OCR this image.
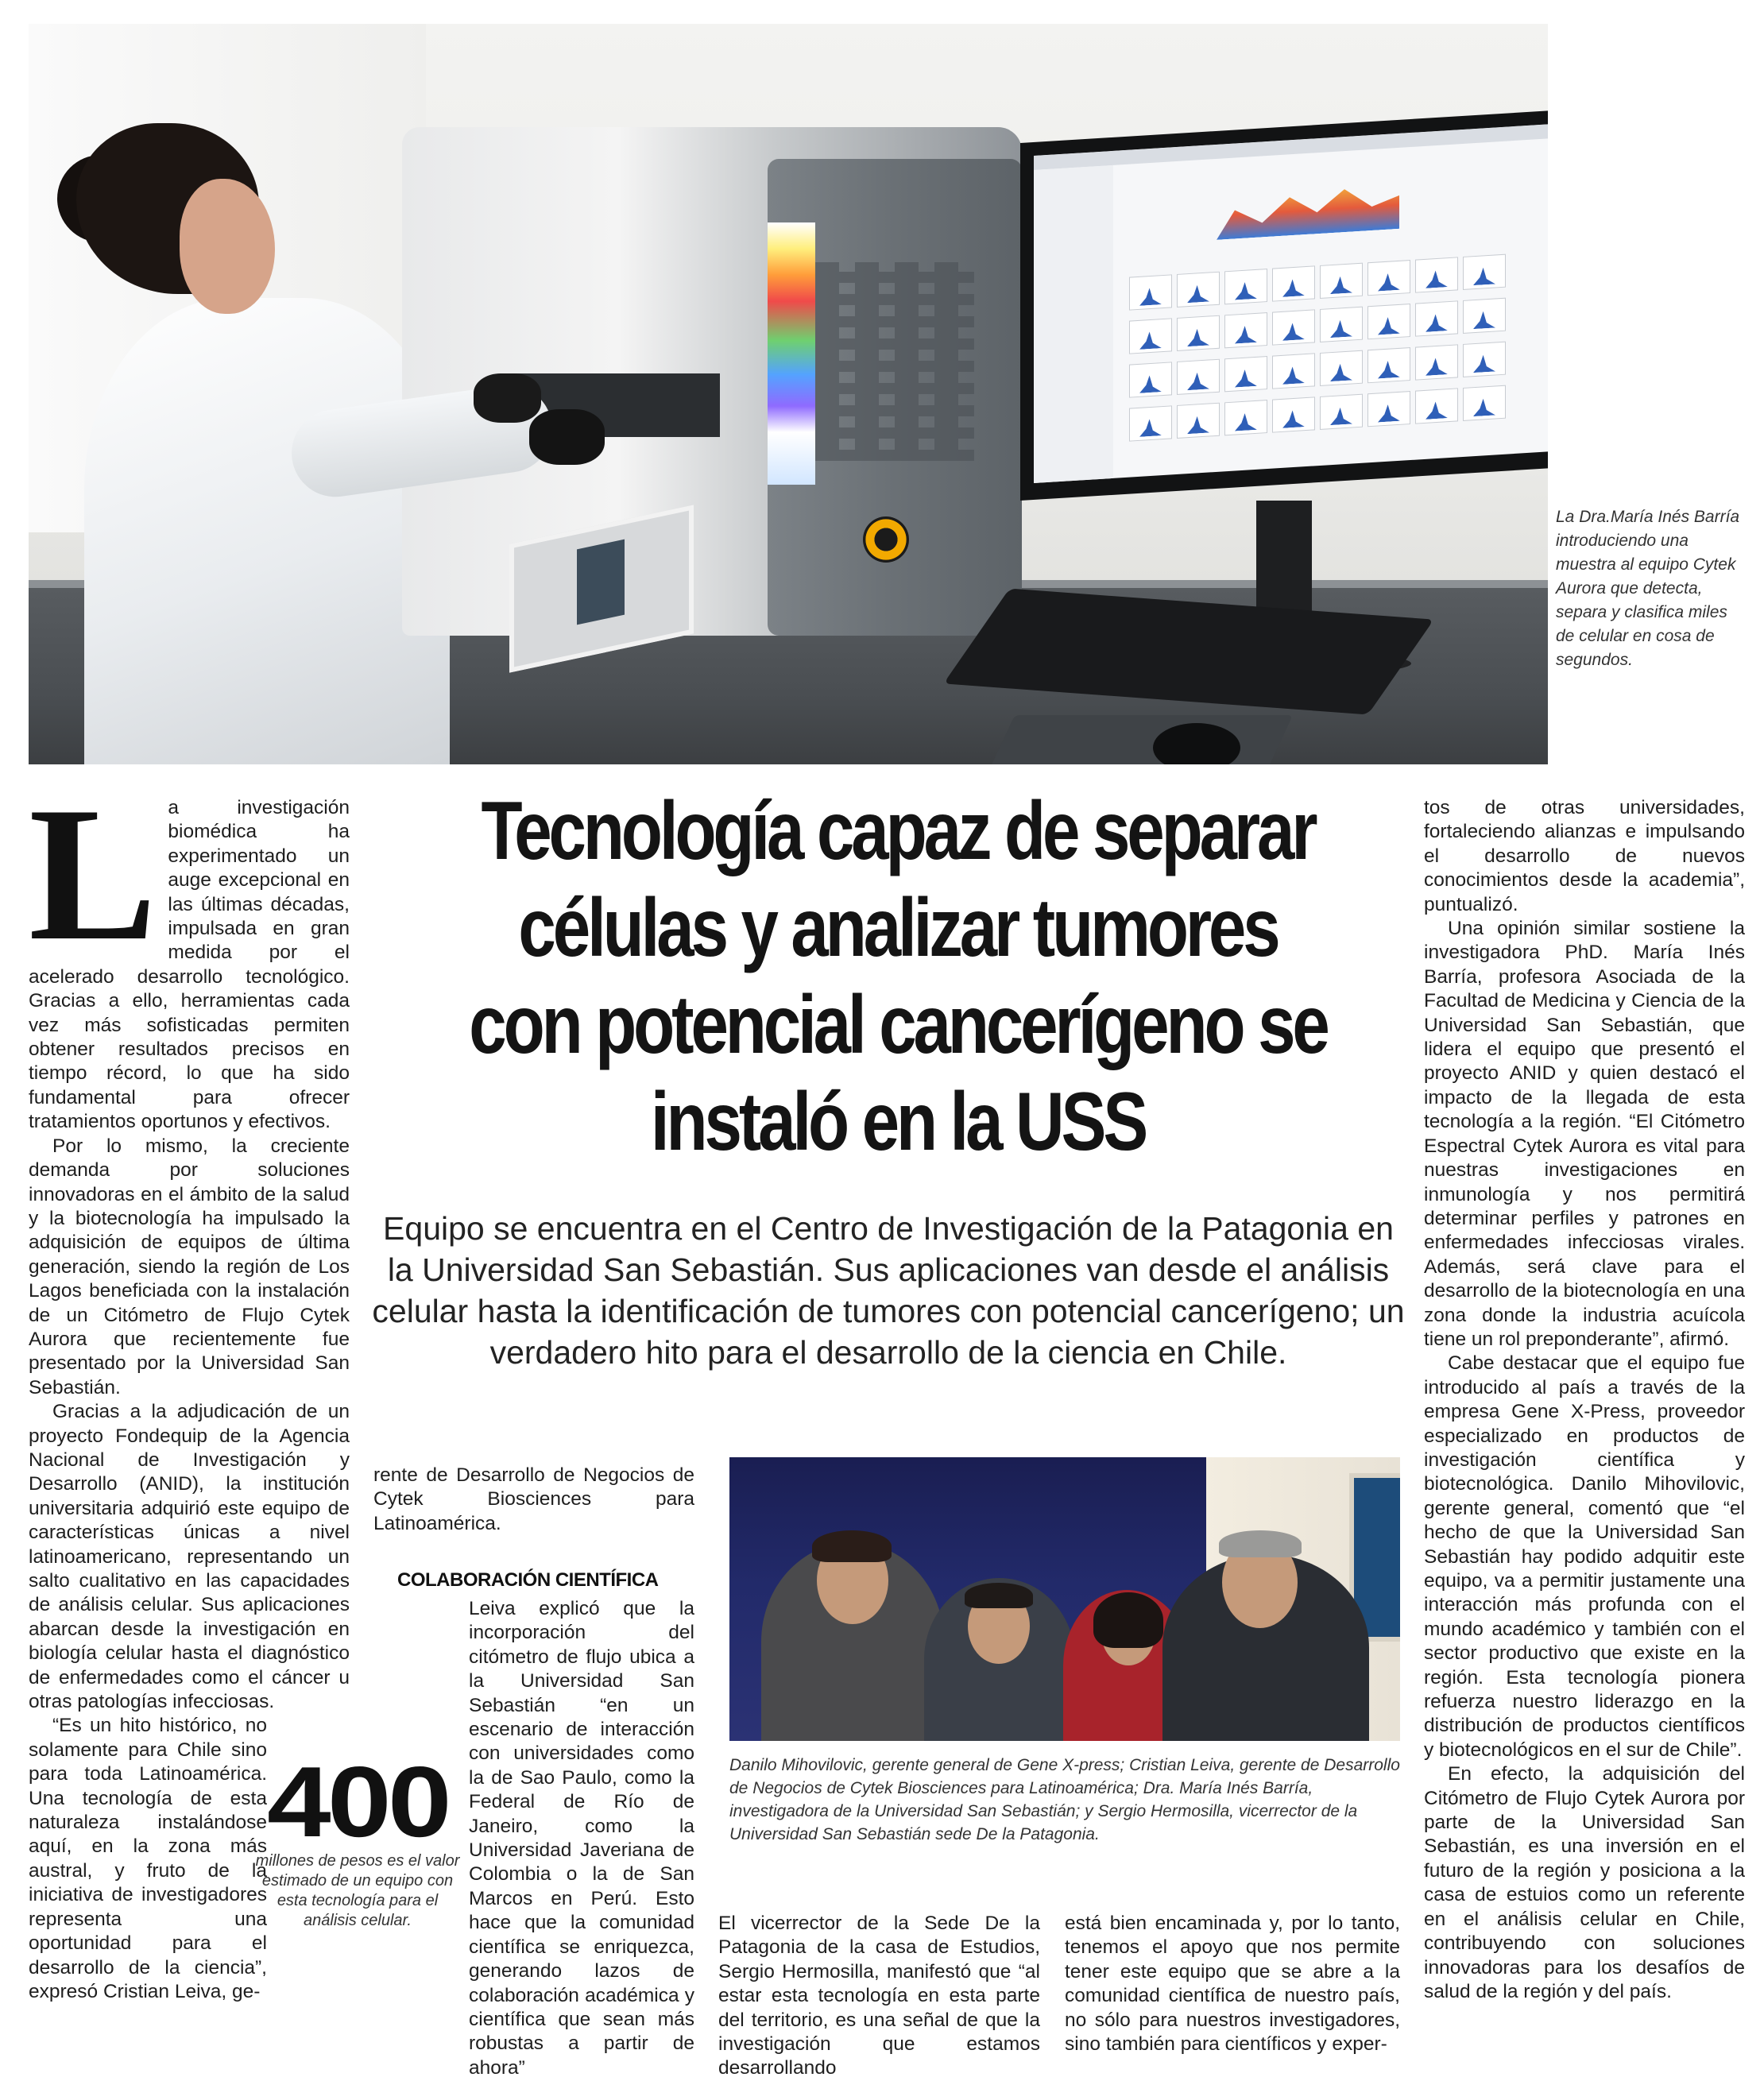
La Dra.María Inés Barría introduciendo una muestra al equipo Cytek Aurora que detecta, separa y clasifica miles de celular en cosa de segundos.
Tecnología capaz de separar células y analizar tumores con potencial cancerígeno se instaló en la USS

Equipo se encuentra en el Centro de Investigación de la Patagonia en la Universidad San Sebastián. Sus aplicaciones van desde el análisis celular hasta la identificación de tumores con potencial cancerígeno; un verdadero hito para el desarrollo de la ciencia en Chile.

L a investigación biomédica ha experimentado un auge excepcional en las últimas décadas, impulsada en gran medida por el acelerado desarrollo tecnológico. Gracias a ello, herramientas cada vez más sofisticadas permiten obtener resultados precisos en tiempo récord, lo que ha sido fundamental para ofrecer tratamientos oportunos y efectivos.

Por lo mismo, la creciente demanda por soluciones innovadoras en el ámbito de la salud y la biotecnología ha impulsado la adquisición de equipos de última generación, siendo la región de Los Lagos beneficiada con la instalación de un Citómetro de Flujo Cytek Aurora que recientemente fue presentado por la Universidad San Sebastián.

Gracias a la adjudicación de un proyecto Fondequip de la Agencia Nacional de Investigación y Desarrollo (ANID), la institución universitaria adquirió este equipo de características únicas a nivel latinoamericano, representando un salto cualitativo en las capacidades de análisis celular. Sus aplicaciones abarcan desde la investigación en biología celular hasta el diagnóstico de enfermedades como el cáncer u otras patologías infecciosas.

“Es un hito histórico, no solamente para Chile sino para toda Latinoamérica. Una tecnología de esta naturaleza instalándose aquí, en la zona más austral, y fruto de la iniciativa de investigadores representa una oportunidad para el desarrollo de la ciencia”, expresó Cristian Leiva, ge-

rente de Desarrollo de Negocios de Cytek Biosciences para Latinoamérica.

COLABORACIÓN CIENTÍFICA

Leiva explicó que la incorporación del citómetro de flujo ubica a la Universidad San Sebastián “en un escenario de interacción con universidades como la de Sao Paulo, como la Federal de Río de Janeiro, como la Universidad Javeriana de Colombia o la de San Marcos en Perú. Esto hace que la comunidad científica se enriquezca, generando lazos de colaboración académica y científica que sean más robustas a partir de ahora”

400
millones de pesos es el valor estimado de un equipo con esta tecnología para el análisis celular.

Danilo Mihovilovic, gerente general de Gene X-press; Cristian Leiva, gerente de Desarrollo de Negocios de Cytek Biosciences para Latinoamérica; Dra. María Inés Barría, investigadora de la Universidad San Sebastián; y Sergio Hermosilla, vicerrector de la Universidad San Sebastián sede De la Patagonia.

El vicerrector de la Sede De la Patagonia de la casa de Estudios, Sergio Hermosilla, manifestó que “al estar esta tecnología en esta parte del territorio, es una señal de que la investigación que estamos desarrollando

está bien encaminada y, por lo tanto, tenemos el apoyo que nos permite tener este equipo que se abre a la comunidad científica de nuestro país, no sólo para nuestros investigadores, sino también para científicos y exper-

tos de otras universidades, fortaleciendo alianzas e impulsando el desarrollo de nuevos conocimientos desde la academia”, puntualizó.

Una opinión similar sostiene la investigadora PhD. María Inés Barría, profesora Asociada de la Facultad de Medicina y Ciencia de la Universidad San Sebastián, que lidera el equipo que presentó el proyecto ANID y quien destacó el impacto de la llegada de esta tecnología a la región. “El Citómetro Espectral Cytek Aurora es vital para nuestras investigaciones en inmunología y nos permitirá determinar perfiles y patrones en enfermedades infecciosas virales. Además, será clave para el desarrollo de la biotecnología en una zona donde la industria acuícola tiene un rol preponderante”, afirmó.

Cabe destacar que el equipo fue introducido al país a través de la empresa Gene X-Press, proveedor especializado en productos de investigación científica y biotecnológica. Danilo Mihovilovic, gerente general, comentó que “el hecho de que la Universidad San Sebastián hay podido adquitir este equipo, va a permitir justamente una interacción más profunda con el mundo académico y también con el sector productivo que existe en la región. Esta tecnología pionera refuerza nuestro liderazgo en la distribución de productos científicos y biotecnológicos en el sur de Chile”.

En efecto, la adquisición del Citómetro de Flujo Cytek Aurora por parte de la Universidad San Sebastián, es una inversión en el futuro de la región y posiciona a la casa de estuios como un referente en el análisis celular en Chile, contribuyendo con soluciones innovadoras para los desafíos de salud de la región y del país.
